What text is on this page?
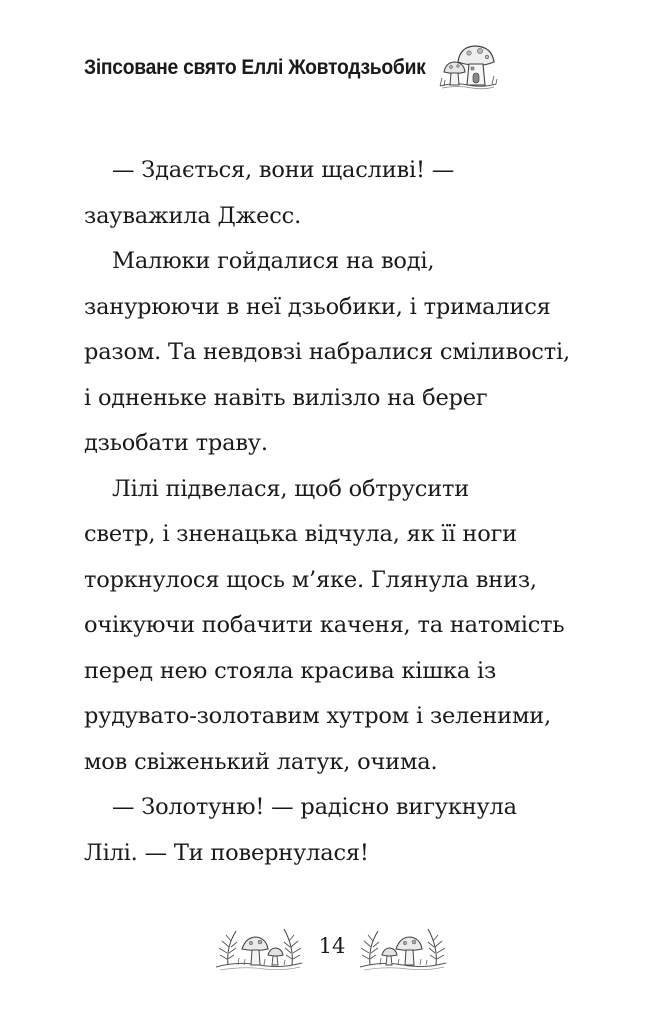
Зіпсоване свято Еллі Жовтодзьобик
— Здається, вони щасливі! —
зауважила Джесс.
Малюки гойдалися на воді,
занурюючи в неї дзьобики, і трималися
разом. Та невдовзі набралися сміливості,
і одненьке навіть вилізло на берег
дзьобати траву.
Лілі підвелася, щоб обтрусити
светр, і зненацька відчула, як її ноги
торкнулося щось м’яке. Глянула вниз,
очікуючи побачити каченя, та натомість
перед нею стояла красива кішка із
рудувато-золотавим хутром і зеленими,
мов свіженький латук, очима.
— Золотуню! — радісно вигукнула
Лілі. — Ти повернулася!
14
